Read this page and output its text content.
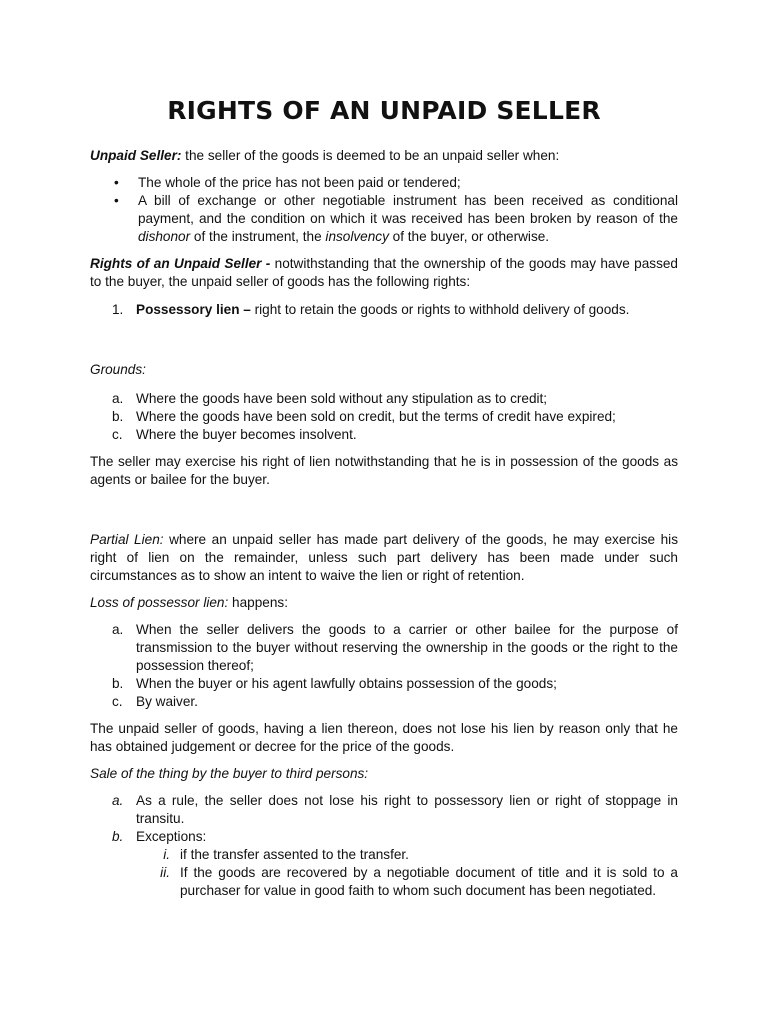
RIGHTS OF AN UNPAID SELLER

Unpaid Seller: the seller of the goods is deemed to be an unpaid seller when:

•	The whole of the price has not been paid or tendered;
•	A bill of exchange or other negotiable instrument has been received as conditional payment, and the condition on which it was received has been broken by reason of the dishonor of the instrument, the insolvency of the buyer, or otherwise.

Rights of an Unpaid Seller - notwithstanding that the ownership of the goods may have passed to the buyer, the unpaid seller of goods has the following rights:

1. Possessory lien – right to retain the goods or rights to withhold delivery of goods.

Grounds:

a. Where the goods have been sold without any stipulation as to credit;
b. Where the goods have been sold on credit, but the terms of credit have expired;
c. Where the buyer becomes insolvent.

The seller may exercise his right of lien notwithstanding that he is in possession of the goods as agents or bailee for the buyer.

Partial Lien: where an unpaid seller has made part delivery of the goods, he may exercise his right of lien on the remainder, unless such part delivery has been made under such circumstances as to show an intent to waive the lien or right of retention.

Loss of possessor lien: happens:

a. When the seller delivers the goods to a carrier or other bailee for the purpose of transmission to the buyer without reserving the ownership in the goods or the right to the possession thereof;
b. When the buyer or his agent lawfully obtains possession of the goods;
c. By waiver.

The unpaid seller of goods, having a lien thereon, does not lose his lien by reason only that he has obtained judgement or decree for the price of the goods.

Sale of the thing by the buyer to third persons:

a. As a rule, the seller does not lose his right to possessory lien or right of stoppage in transitu.
b. Exceptions:
i. if the transfer assented to the transfer.
ii. If the goods are recovered by a negotiable document of title and it is sold to a purchaser for value in good faith to whom such document has been negotiated.
